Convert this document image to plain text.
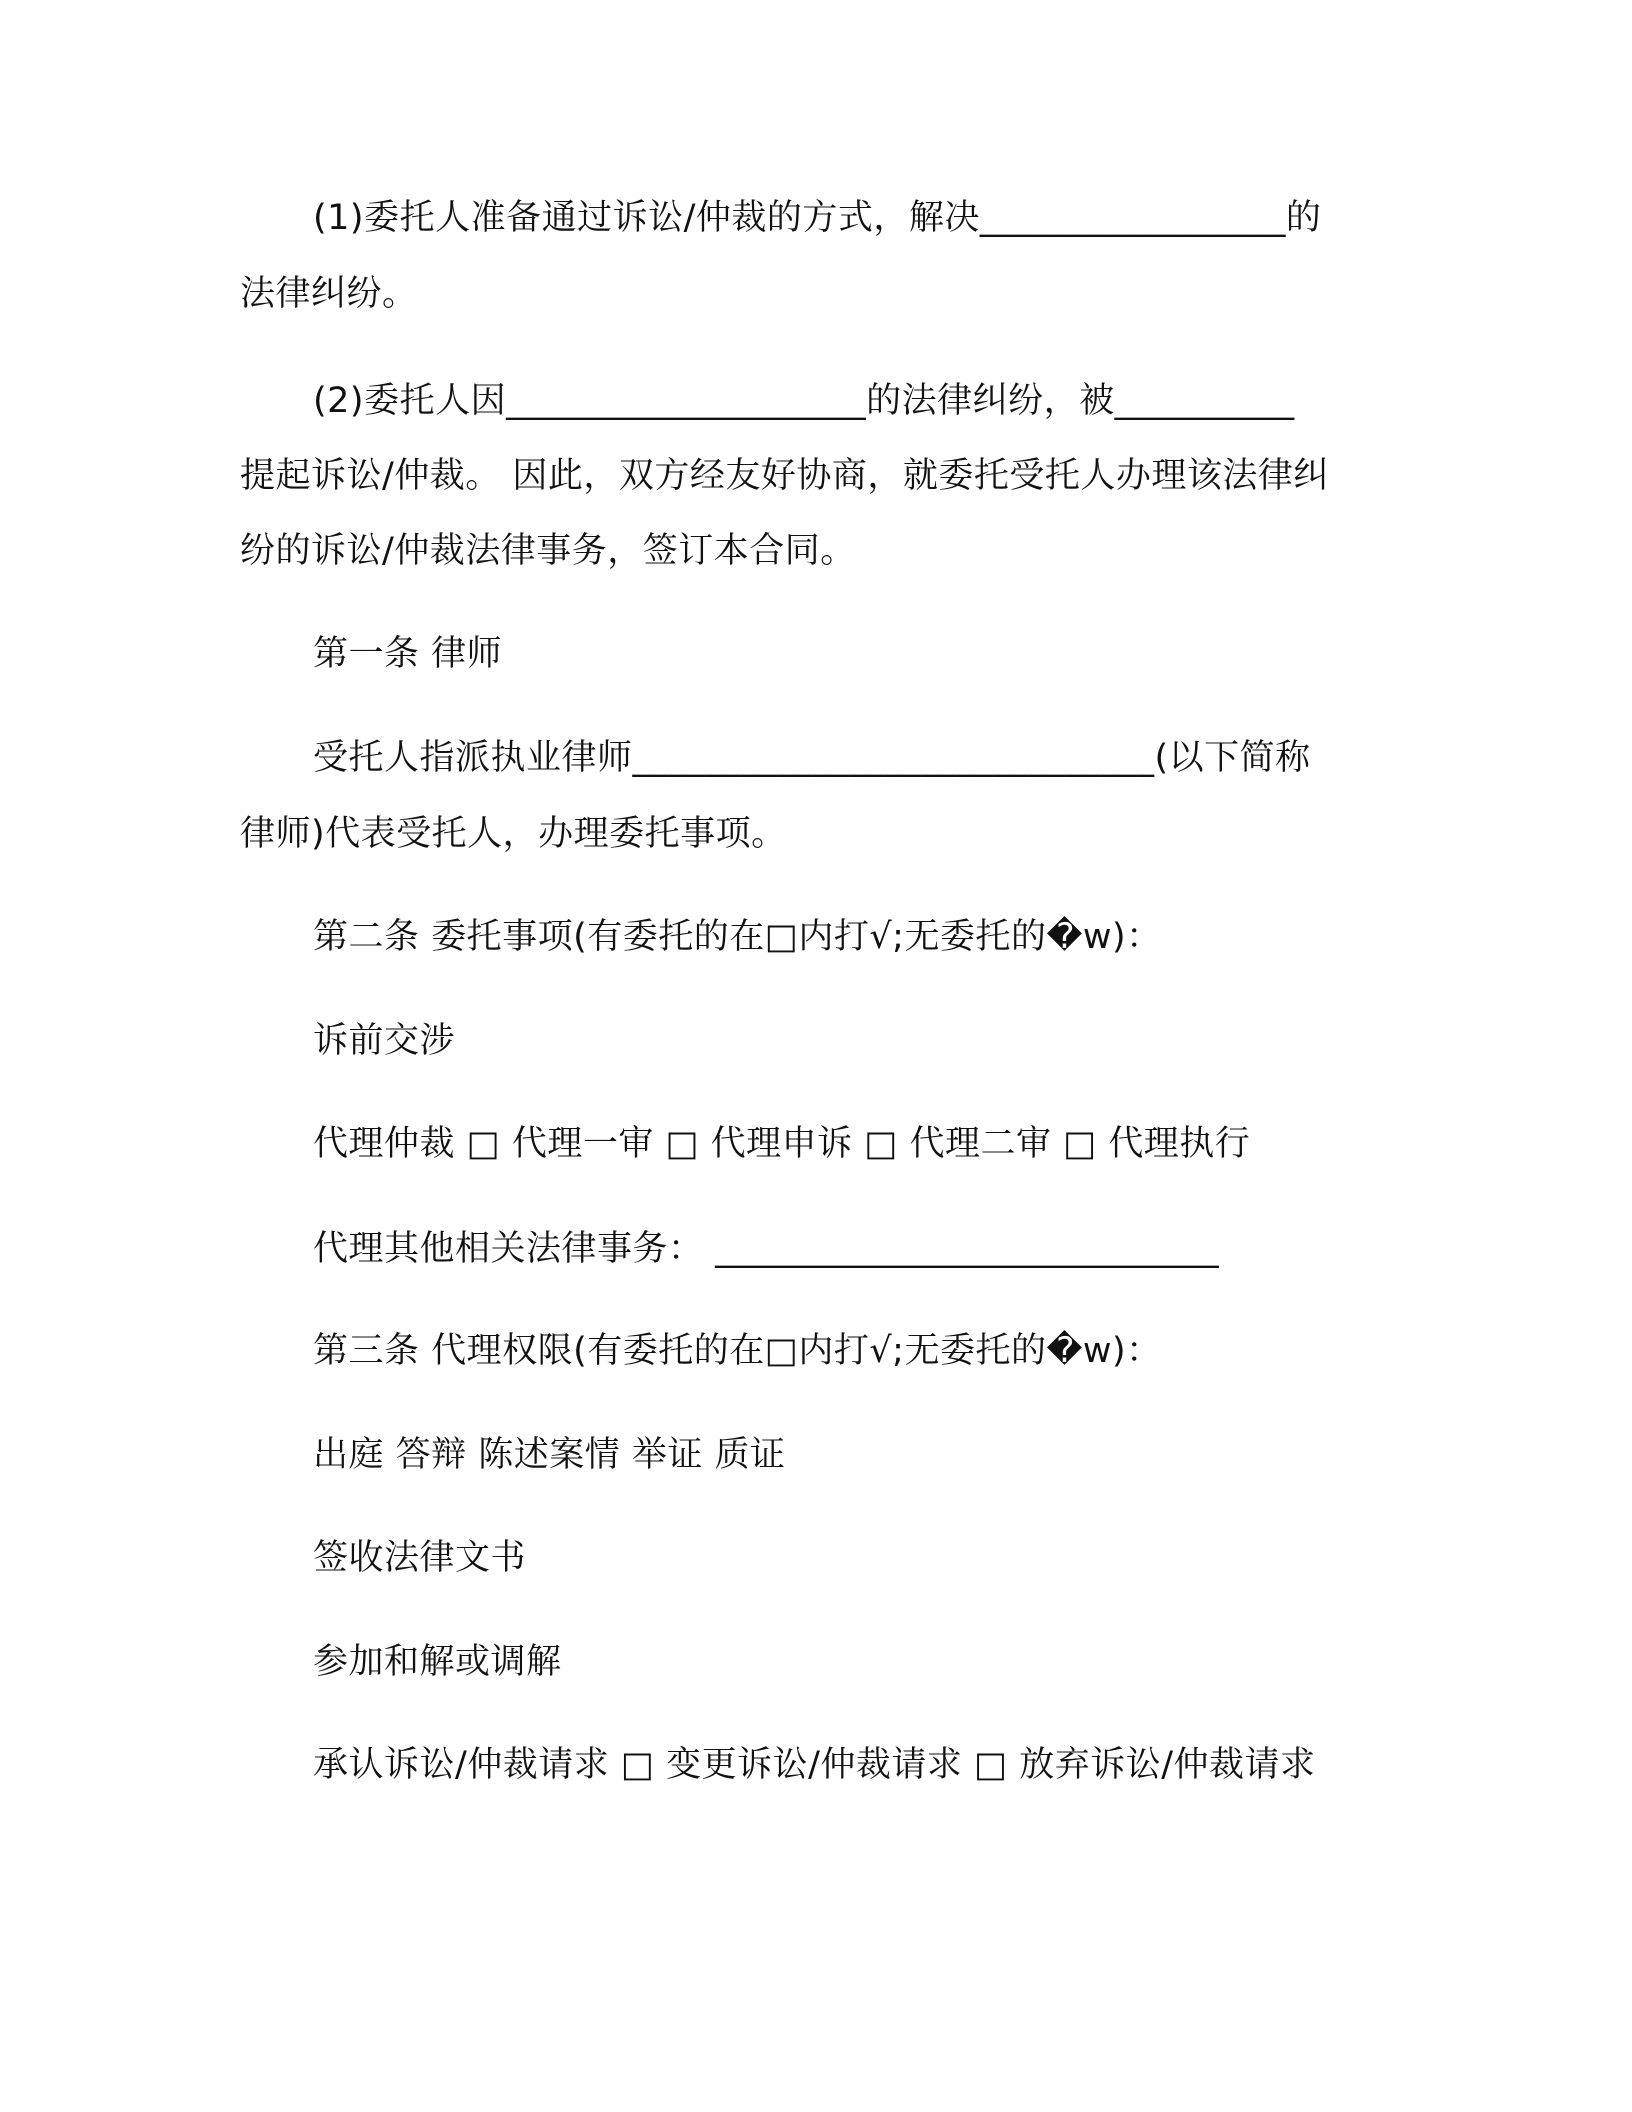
(1)委托人准备通过诉讼/仲裁的方式，解决_________________的
法律纠纷。
(2)委托人因____________________的法律纠纷，被__________
提起诉讼/仲裁。 因此，双方经友好协商，就委托受托人办理该法律纠
纷的诉讼/仲裁法律事务，签订本合同。
第一条 律师
受托人指派执业律师_____________________________(以下简称
律师)代表受托人，办理委托事项。
第二条 委托事项(有委托的在□内打√;无委托的�w)：
诉前交涉
代理仲裁 □ 代理一审 □ 代理申诉 □ 代理二审 □ 代理执行
代理其他相关法律事务： ____________________________
第三条 代理权限(有委托的在□内打√;无委托的�w)：
出庭 答辩 陈述案情 举证 质证
签收法律文书
参加和解或调解
承认诉讼/仲裁请求 □ 变更诉讼/仲裁请求 □ 放弃诉讼/仲裁请求
